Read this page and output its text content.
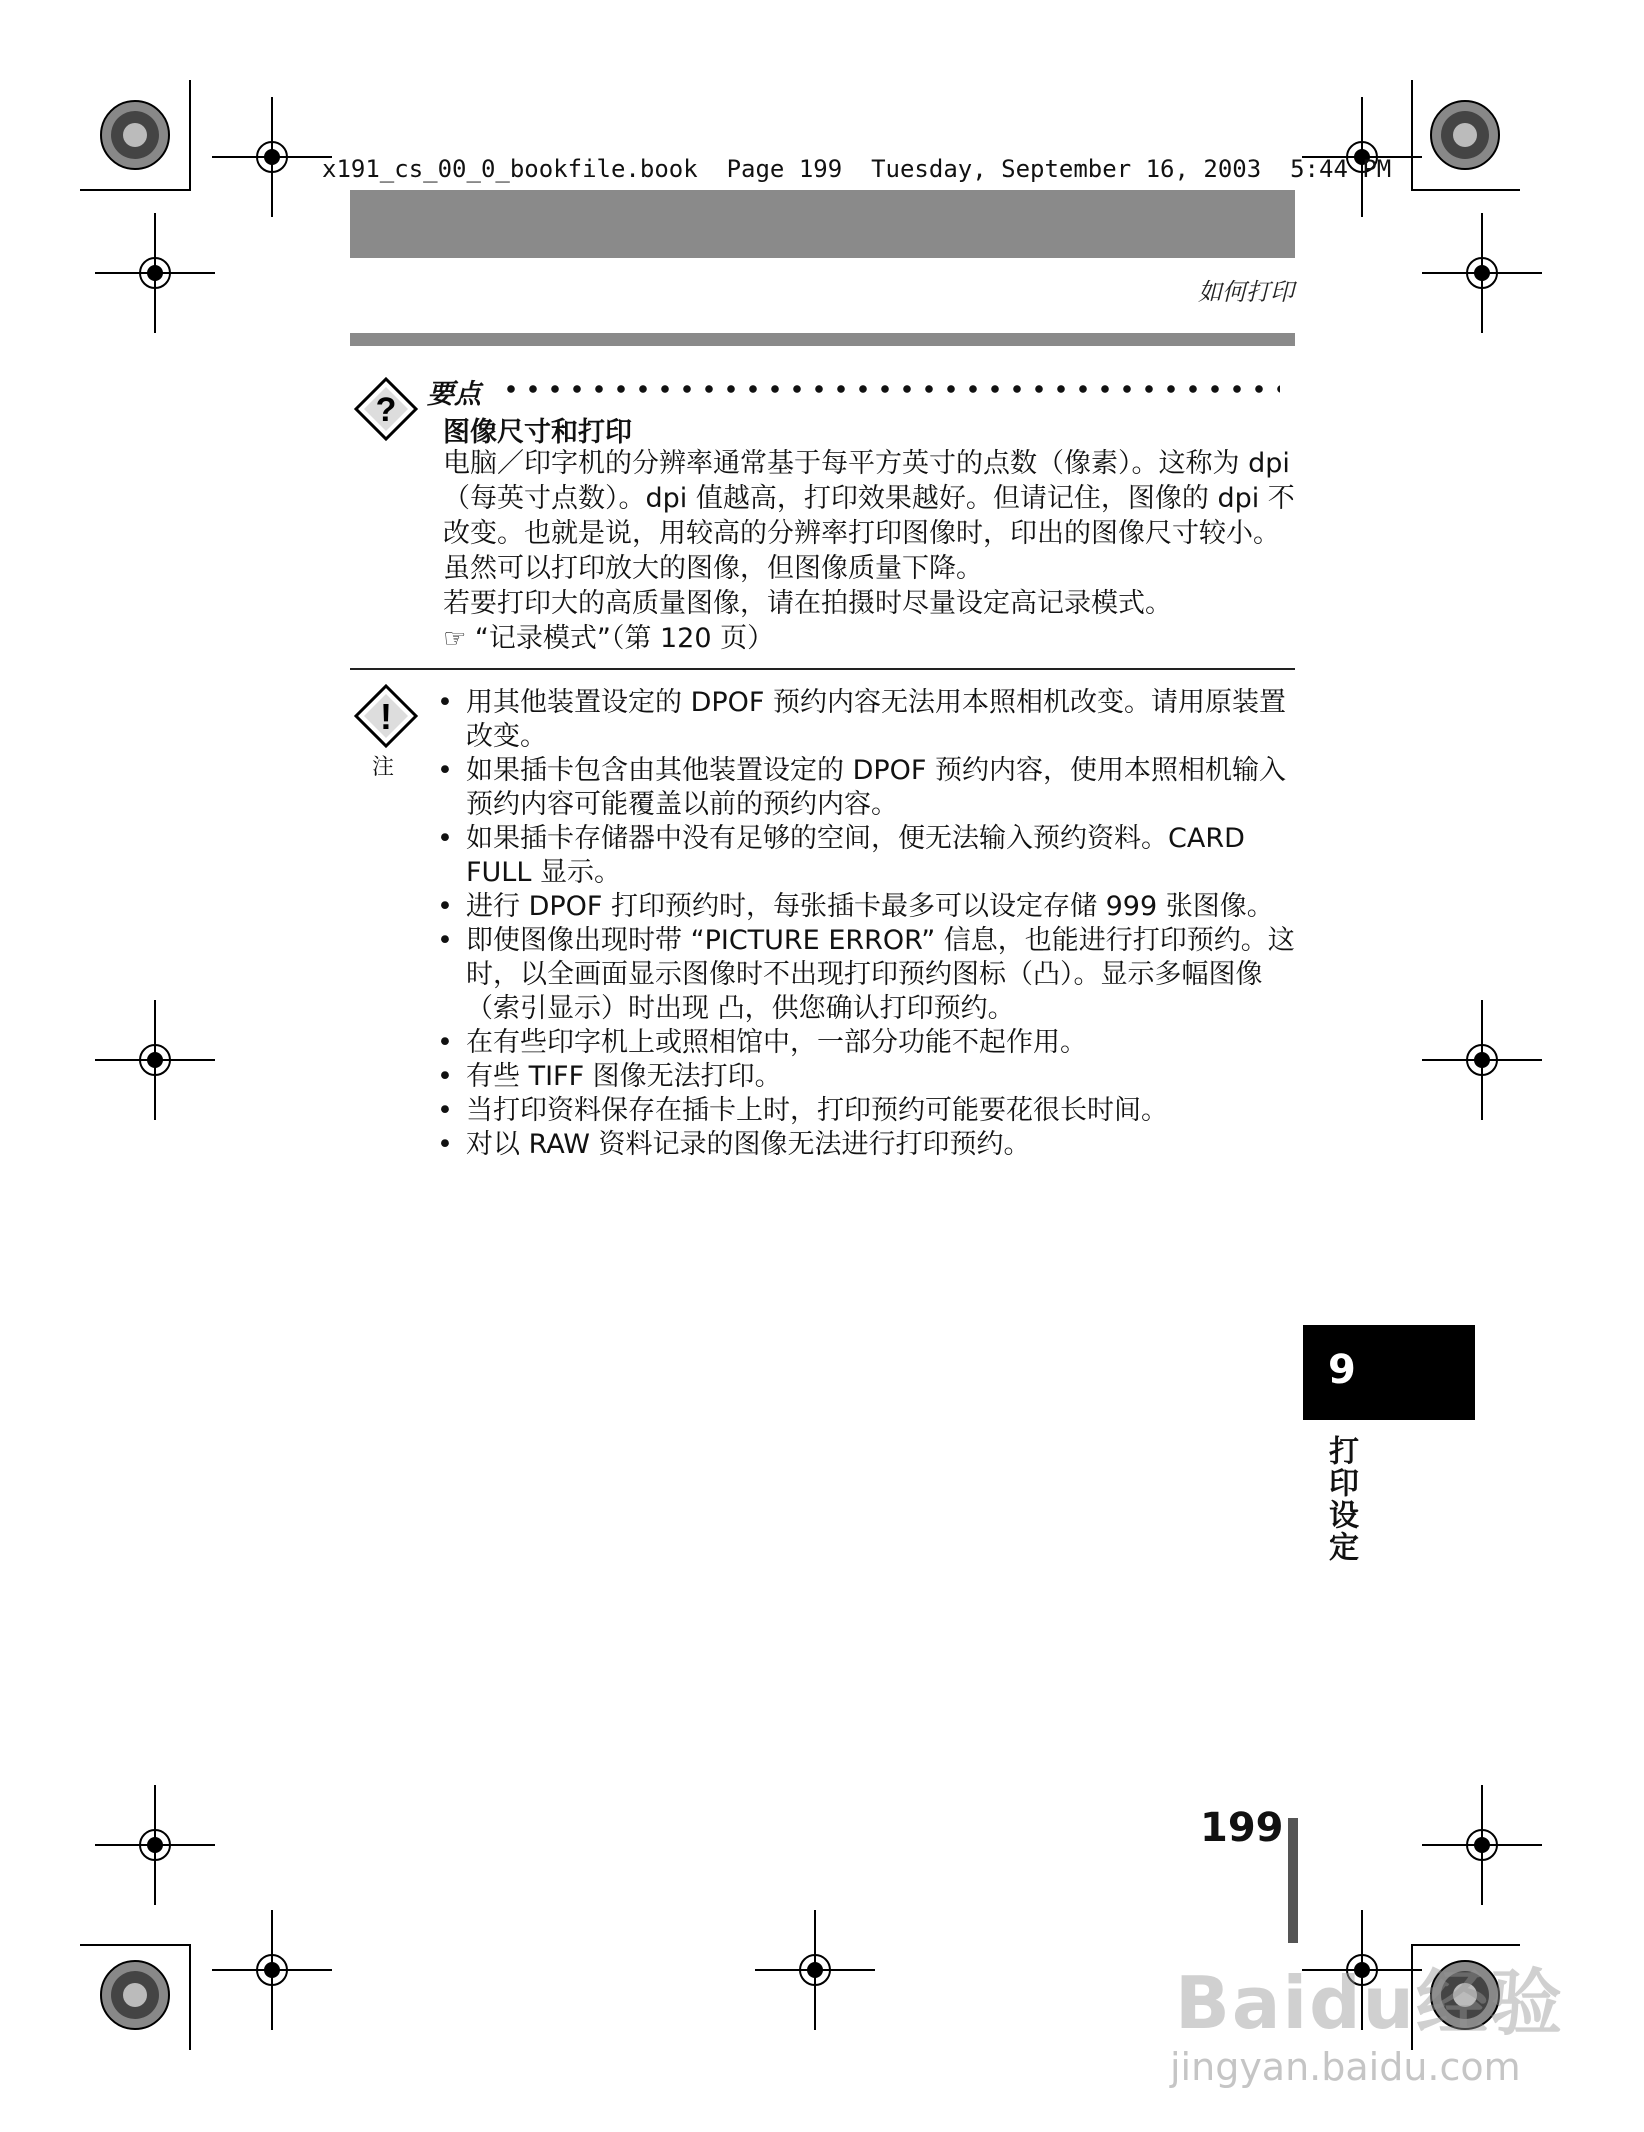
x191_cs_00_0_bookfile.book  Page 199  Tuesday, September 16, 2003  5:44 PM
如何打印
? 要点
图像尺寸和打印

电脑／印字机的分辨率通常基于每平方英寸的点数（像素）。这称为 dpi（每英寸点数）。dpi 值越高，打印效果越好。但请记住，图像的 dpi 不改变。也就是说，用较高的分辨率打印图像时，印出的图像尺寸较小。虽然可以打印放大的图像，但图像质量下降。

若要打印大的高质量图像，请在拍摄时尽量设定高记录模式。

☞ “记录模式”（第 120 页）

!
注
• 用其他装置设定的 DPOF 预约内容无法用本照相机改变。请用原装置改变。
• 如果插卡包含由其他装置设定的 DPOF 预约内容，使用本照相机输入预约内容可能覆盖以前的预约内容。
• 如果插卡存储器中没有足够的空间，便无法输入预约资料。CARD FULL 显示。
• 进行 DPOF 打印预约时，每张插卡最多可以设定存储 999 张图像。
• 即使图像出现时带 “PICTURE ERROR” 信息，也能进行打印预约。这时，以全画面显示图像时不出现打印预约图标（凸）。显示多幅图像（索引显示）时出现 凸，供您确认打印预约。
• 在有些印字机上或照相馆中，一部分功能不起作用。
• 有些 TIFF 图像无法打印。
• 当打印资料保存在插卡上时，打印预约可能要花很长时间。
• 对以 RAW 资料记录的图像无法进行打印预约。
9
打印设定
199
Baidu经验
jingyan.baidu.com
